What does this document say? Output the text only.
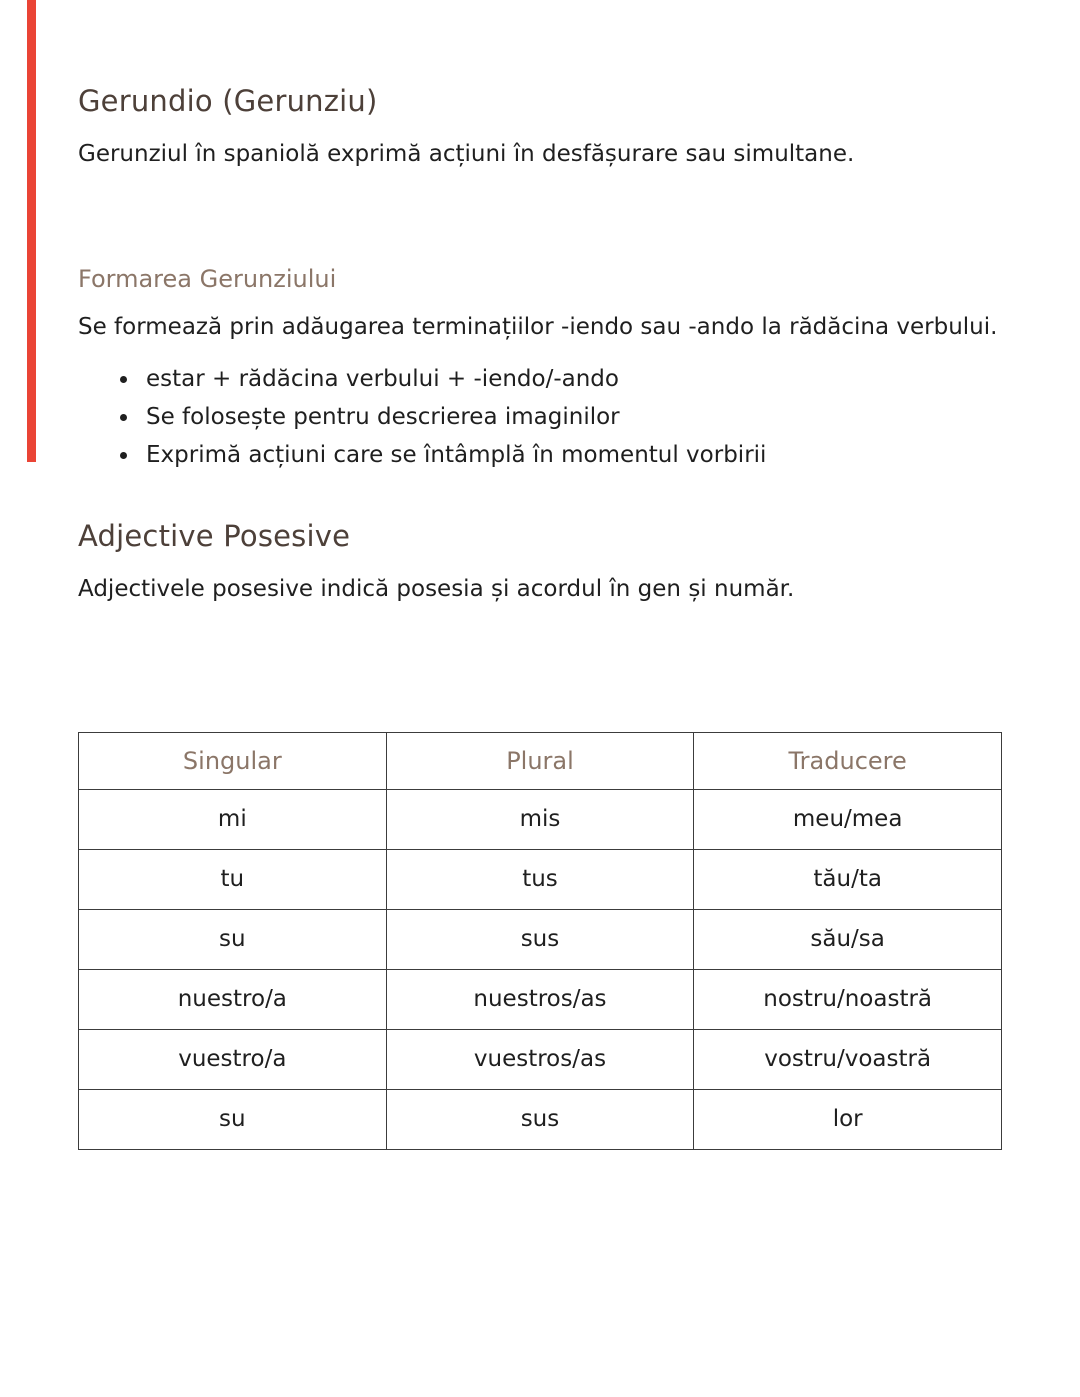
Gerundio (Gerunziu)

Gerunziul în spaniolă exprimă acțiuni în desfășurare sau simultane.

Formarea Gerunziului

Se formează prin adăugarea terminațiilor -iendo sau -ando la rădăcina verbului.

• estar + rădăcina verbului + -iendo/-ando
• Se folosește pentru descrierea imaginilor
• Exprimă acțiuni care se întâmplă în momentul vorbirii
Adjective Posesive

Adjectivele posesive indică posesia și acordul în gen și număr.

Singular	Plural	Traducere
mi	mis	meu/mea
tu	tus	tău/ta
su	sus	său/sa
nuestro/a	nuestros/as	nostru/noastră
vuestro/a	vuestros/as	vostru/voastră
su	sus	lor
